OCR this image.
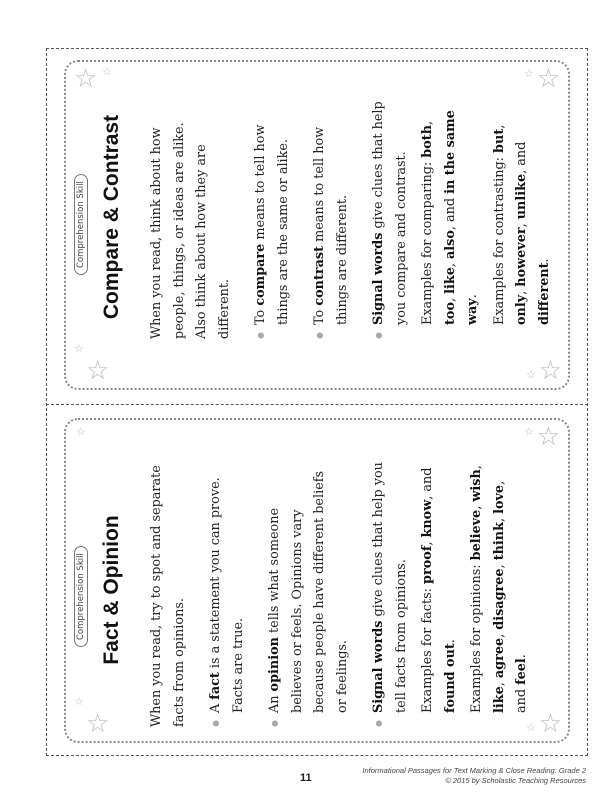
☆ ☆	☆
☆
☆
☆
☆
☆
Comprehension Skill Compare & Contrast When you read, think about how people, things, or ideas are alike. Also think about how they are different.	● To compare means to tell how things are the same or alike.	● To contrast means to tell how things are different.	● Signal words give clues that help you compare and contrast. Examples for comparing: both, too, like, also, and in the same way. Examples for contrasting: but, only, however, unlike, and different.

☆
☆
☆
☆
☆
☆
☆
Comprehension Skill Fact & Opinion When you read, try to spot and separate facts from opinions.	● A fact is a statement you can prove. Facts are true.	● An opinion tells what someone believes or feels. Opinions vary because people have different beliefs or feelings.	● Signal words give clues that help you tell facts from opinions. Examples for facts: proof, know, and found out. Examples for opinions: believe, wish, like, agree, disagree, think, love, and feel.

11
Informational Passages for Text Marking & Close Reading: Grade 2
© 2015 by Scholastic Teaching Resources
